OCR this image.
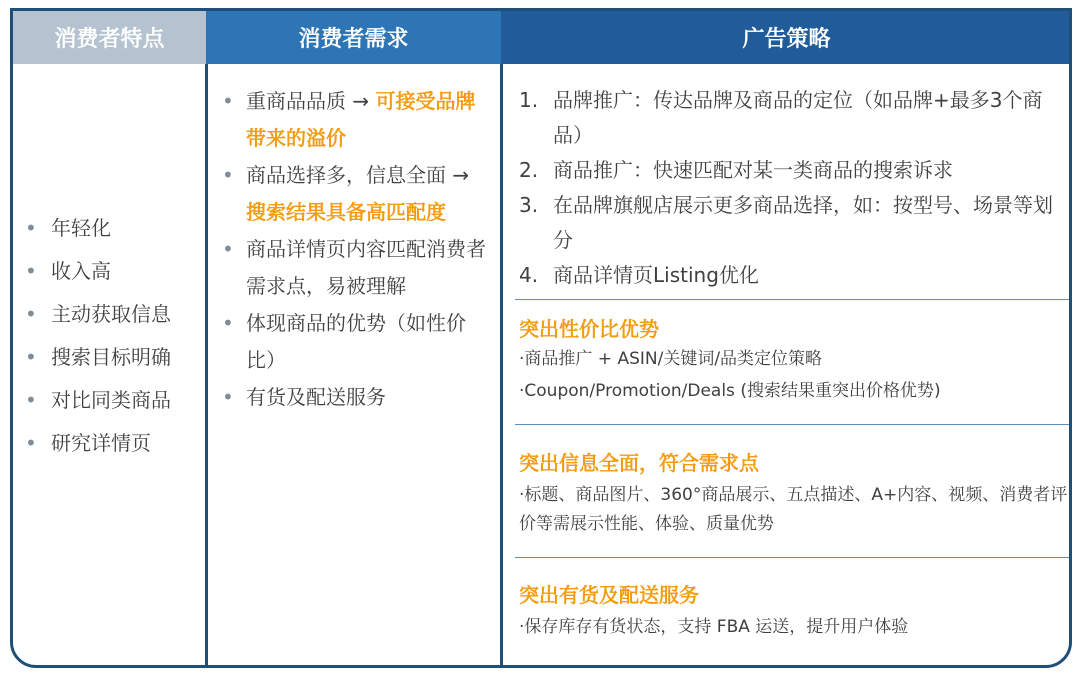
消费者特点	消费者需求	广告策略
• 年轻化
• 收入高
• 主动获取信息
• 搜索目标明确
• 对比同类商品
• 研究详情页
• 重商品品质 → 可接受品牌带来的溢价
• 商品选择多，信息全面 → 搜索结果具备高匹配度
• 商品详情页内容匹配消费者需求点，易被理解
• 体现商品的优势（如性价比）
• 有货及配送服务
1. 品牌推广：传达品牌及商品的定位（如品牌+最多3个商品）
2. 商品推广：快速匹配对某一类商品的搜索诉求
3. 在品牌旗舰店展示更多商品选择，如：按型号、场景等划分
4. 商品详情页Listing优化
突出性价比优势
·商品推广 + ASIN/关键词/品类定位策略
·Coupon/Promotion/Deals (搜索结果重突出价格优势)
突出信息全面，符合需求点
·标题、商品图片、360°商品展示、五点描述、A+内容、视频、消费者评价等需展示性能、体验、质量优势
突出有货及配送服务
·保存库存有货状态，支持 FBA 运送，提升用户体验
